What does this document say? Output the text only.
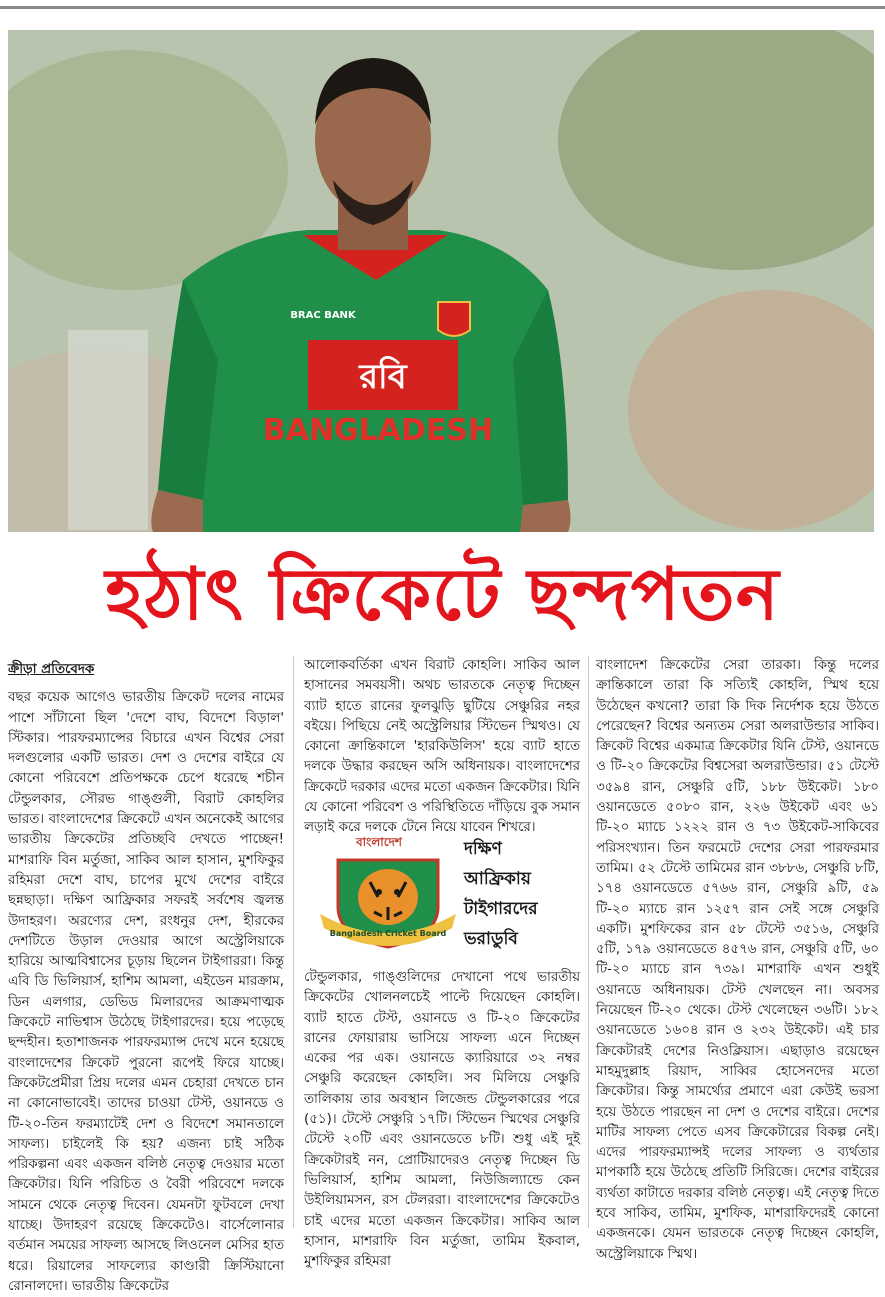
রবি
BANGLADESH
BRAC BANK
হঠাৎ ক্রিকেটে ছন্দপতন

ক্রীড়া প্রতিবেদক

বছর কয়েক আগেও ভারতীয় ক্রিকেট দলের নামের পাশে সাঁটানো ছিল 'দেশে বাঘ, বিদেশে বিড়াল' স্টিকার। পারফরম্যান্সের বিচারে এখন বিশ্বের সেরা দলগুলোর একটি ভারত। দেশ ও দেশের বাইরে যে কোনো পরিবেশে প্রতিপক্ষকে চেপে ধরেছে শচীন টেন্ডুলকার, সৌরভ গাঙ্গুলী, বিরাট কোহলির ভারত। বাংলাদেশের ক্রিকেটে এখন অনেকেই আগের ভারতীয় ক্রিকেটের প্রতিচ্ছবি দেখতে পাচ্ছেন! মাশরাফি বিন মর্তুজা, সাকিব আল হাসান, মুশফিকুর রহিমরা দেশে বাঘ, চাপের মুখে দেশের বাইরে ছন্নছাড়া। দক্ষিণ আফ্রিকার সফরই সর্বশেষ জ্বলন্ত উদাহরণ। অরণ্যের দেশ, রংধনুর দেশ, হীরকের দেশটিতে উড়াল দেওয়ার আগে অস্ট্রেলিয়াকে হারিয়ে আত্মবিশ্বাসের চূড়ায় ছিলেন টাইগাররা। কিন্তু এবি ডি ভিলিয়ার্স, হাশিম আমলা, এইডেন মারক্রাম, ডিন এলগার, ডেভিড মিলারদের আক্রমণাত্মক ক্রিকেটে নাভিশ্বাস উঠেছে টাইগারদের। হয়ে পড়েছে ছন্দহীন। হতাশাজনক পারফরম্যান্স দেখে মনে হয়েছে বাংলাদেশের ক্রিকেট পুরনো রূপেই ফিরে যাচ্ছে। ক্রিকেটপ্রেমীরা প্রিয় দলের এমন চেহারা দেখতে চান না কোনোভাবেই। তাদের চাওয়া টেস্ট, ওয়ানডে ও টি-২০-তিন ফরম্যাটেই দেশ ও বিদেশে সমানতালে সাফল্য। চাইলেই কি হয়? এজন্য চাই সঠিক পরিকল্পনা এবং একজন বলিষ্ঠ নেতৃত্ব দেওয়ার মতো ক্রিকেটার। যিনি পরিচিত ও বৈরী পরিবেশে দলকে সামনে থেকে নেতৃত্ব দিবেন। যেমনটা ফুটবলে দেখা যাচ্ছে। উদাহরণ রয়েছে ক্রিকেটেও। বার্সেলোনার বর্তমান সময়ের সাফল্য আসছে লিওনেল মেসির হাত ধরে। রিয়ালের সাফল্যের কাণ্ডারী ক্রিস্টিয়ানো রোনালদো। ভারতীয় ক্রিকেটের

আলোকবর্তিকা এখন বিরাট কোহলি। সাকিব আল হাসানের সমবয়সী। অথচ ভারতকে নেতৃত্ব দিচ্ছেন ব্যাট হাতে রানের ফুলঝুড়ি ছুটিয়ে সেঞ্চুরির নহর বইয়ে। পিছিয়ে নেই অস্ট্রেলিয়ার স্টিভেন স্মিথও। যে কোনো ক্রান্তিকালে 'হারকিউলিস' হয়ে ব্যাট হাতে দলকে উদ্ধার করছেন অসি অধিনায়ক। বাংলাদেশের ক্রিকেটে দরকার এদের মতো একজন ক্রিকেটার। যিনি যে কোনো পরিবেশ ও পরিস্থিতিতে দাঁড়িয়ে বুক সমান লড়াই করে দলকে টেনে নিয়ে যাবেন শিখরে।

বাংলাদেশ
Bangladesh Cricket Board
দক্ষিণ
আফ্রিকায়
টাইগারদের
ভরাডুবি

টেন্ডুলকার, গাঙ্গুলিদের দেখানো পথে ভারতীয় ক্রিকেটের খোলনলচেই পাল্টে দিয়েছেন কোহলি। ব্যাট হাতে টেস্ট, ওয়ানডে ও টি-২০ ক্রিকেটের রানের ফোয়ারায় ভাসিয়ে সাফল্য এনে দিচ্ছেন একের পর এক। ওয়ানডে ক্যারিয়ারে ৩২ নম্বর সেঞ্চুরি করেছেন কোহলি। সব মিলিয়ে সেঞ্চুরি তালিকায় তার অবস্থান লিজেন্ড টেন্ডুলকারের পরে (৫১)। টেস্টে সেঞ্চুরি ১৭টি। স্টিভেন স্মিথের সেঞ্চুরি টেস্টে ২০টি এবং ওয়ানডেতে ৮টি। শুধু এই দুই ক্রিকেটারই নন, প্রোটিয়াদেরও নেতৃত্ব দিচ্ছেন ডি ভিলিয়ার্স, হাশিম আমলা, নিউজিল্যান্ডে কেন উইলিয়ামসন, রস টেলররা। বাংলাদেশের ক্রিকেটেও চাই এদের মতো একজন ক্রিকেটার। সাকিব আল হাসান, মাশরাফি বিন মর্তুজা, তামিম ইকবাল, মুশফিকুর রহিমরা

বাংলাদেশ ক্রিকেটের সেরা তারকা। কিন্তু দলের ক্রান্তিকালে তারা কি সত্যিই কোহলি, স্মিথ হয়ে উঠেছেন কখনো? তারা কি দিক নির্দেশক হয়ে উঠতে পেরেছেন? বিশ্বের অন্যতম সেরা অলরাউন্ডার সাকিব। ক্রিকেট বিশ্বের একমাত্র ক্রিকেটার যিনি টেস্ট, ওয়ানডে ও টি-২০ ক্রিকেটের বিশ্বসেরা অলরাউন্ডার। ৫১ টেস্টে ৩৫৯৪ রান, সেঞ্চুরি ৫টি, ১৮৮ উইকেট। ১৮০ ওয়ানডেতে ৫০৮০ রান, ২২৬ উইকেট এবং ৬১ টি-২০ ম্যাচে ১২২২ রান ও ৭৩ উইকেট-সাকিবের পরিসংখ্যান। তিন ফরমেটে দেশের সেরা পারফরমার তামিম। ৫২ টেস্টে তামিমের রান ৩৮৮৬, সেঞ্চুরি ৮টি, ১৭৪ ওয়ানডেতে ৫৭৬৬ রান, সেঞ্চুরি ৯টি, ৫৯ টি-২০ ম্যাচে রান ১২৫৭ রান সেই সঙ্গে সেঞ্চুরি একটি। মুশফিকের রান ৫৮ টেস্টে ৩৫১৬, সেঞ্চুরি ৫টি, ১৭৯ ওয়ানডেতে ৪৫৭৬ রান, সেঞ্চুরি ৫টি, ৬০ টি-২০ ম্যাচে রান ৭৩৯। মাশরাফি এখন শুধুই ওয়ানডে অধিনায়ক। টেস্ট খেলছেন না। অবসর নিয়েছেন টি-২০ থেকে। টেস্ট খেলেছেন ৩৬টি। ১৮২ ওয়ানডেতে ১৬০৪ রান ও ২৩২ উইকেট। এই চার ক্রিকেটারই দেশের নিওক্লিয়াস। এছাড়াও রয়েছেন মাহমুদুল্লাহ রিয়াদ, সাব্বির হোসেনদের মতো ক্রিকেটার। কিন্তু সামর্থ্যের প্রমাণে এরা কেউই ভরসা হয়ে উঠতে পারছেন না দেশ ও দেশের বাইরে। দেশের মাটির সাফল্য পেতে এসব ক্রিকেটারের বিকল্প নেই। এদের পারফরম্যান্সই দলের সাফল্য ও ব্যর্থতার মাপকাঠি হয়ে উঠেছে প্রতিটি সিরিজে। দেশের বাইরের ব্যর্থতা কাটাতে দরকার বলিষ্ঠ নেতৃত্ব। এই নেতৃত্ব দিতে হবে সাকিব, তামিম, মুশফিক, মাশরাফিদেরই কোনো একজনকে। যেমন ভারতকে নেতৃত্ব দিচ্ছেন কোহলি, অস্ট্রেলিয়াকে স্মিথ।
